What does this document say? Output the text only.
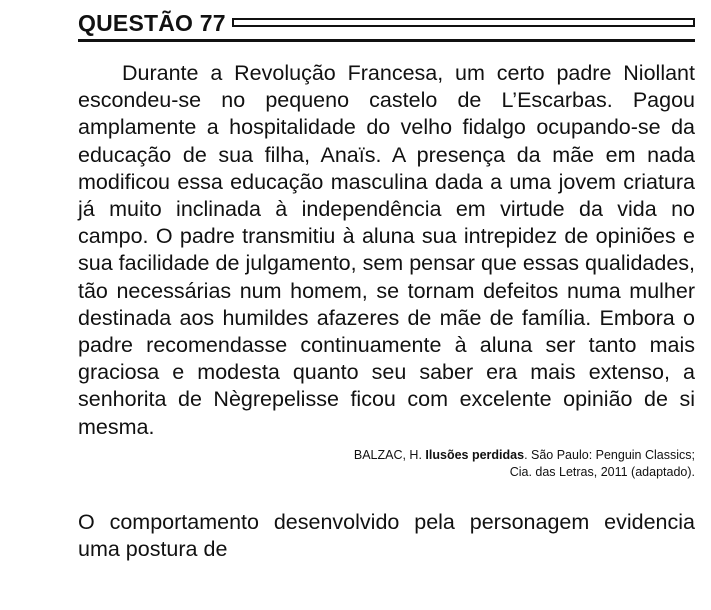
QUESTÃO 77

Durante a Revolução Francesa, um certo padre Niollant escondeu-se no pequeno castelo de L’Escarbas. Pagou amplamente a hospitalidade do velho fidalgo ocupando-se da educação de sua filha, Anaïs. A presença da mãe em nada modificou essa educação masculina dada a uma jovem criatura já muito inclinada à independência em virtude da vida no campo. O padre transmitiu à aluna sua intrepidez de opiniões e sua facilidade de julgamento, sem pensar que essas qualidades, tão necessárias num homem, se tornam defeitos numa mulher destinada aos humildes afazeres de mãe de família. Embora o padre recomendasse continuamente à aluna ser tanto mais graciosa e modesta quanto seu saber era mais extenso, a senhorita de Nègrepelisse ficou com excelente opinião de si mesma.

BALZAC, H. Ilusões perdidas. São Paulo: Penguin Classics;
Cia. das Letras, 2011 (adaptado).

O comportamento desenvolvido pela personagem evidencia uma postura de
